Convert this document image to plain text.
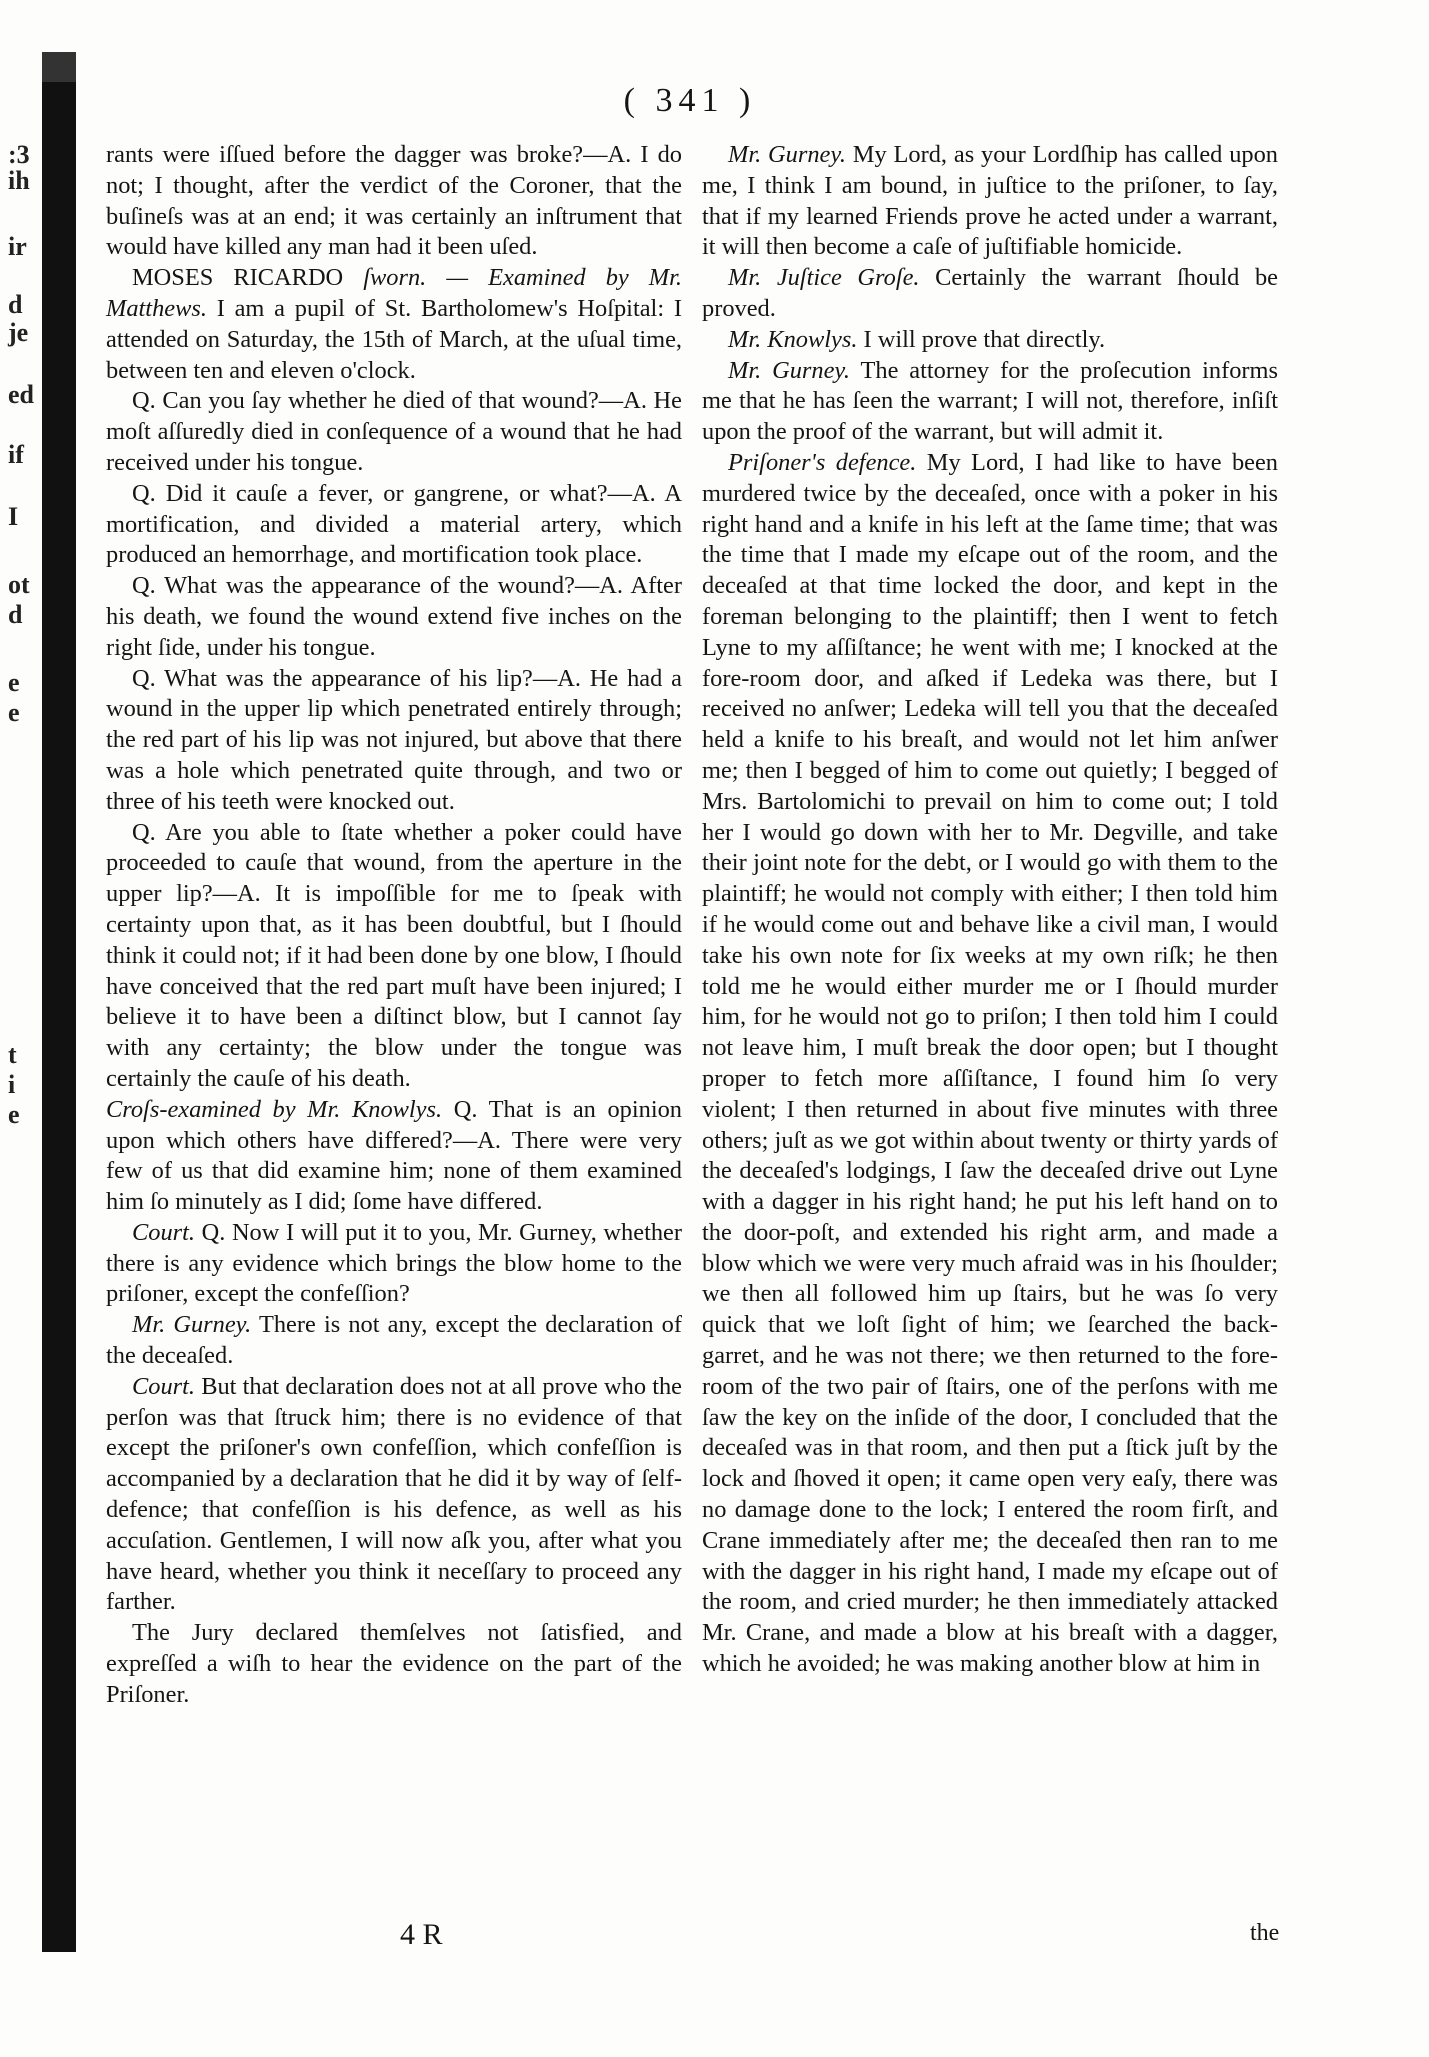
:3
ih
ir
d
je
ed
if
I
ot
d
e
e
t
i
e
( 341 )

rants were iſſued before the dagger was broke?—A. I do not; I thought, after the verdict of the Coroner, that the buſineſs was at an end; it was certainly an inſtrument that would have killed any man had it been uſed.

MOSES RICARDO ſworn. — Examined by Mr. Matthews. I am a pupil of St. Bartholomew's Hoſpital: I attended on Saturday, the 15th of March, at the uſual time, between ten and eleven o'clock.

Q. Can you ſay whether he died of that wound?—A. He moſt aſſuredly died in conſequence of a wound that he had received under his tongue.

Q. Did it cauſe a fever, or gangrene, or what?—A. A mortification, and divided a material artery, which produced an hemorrhage, and mortification took place.

Q. What was the appearance of the wound?—A. After his death, we found the wound extend five inches on the right ſide, under his tongue.

Q. What was the appearance of his lip?—A. He had a wound in the upper lip which penetrated entirely through; the red part of his lip was not injured, but above that there was a hole which penetrated quite through, and two or three of his teeth were knocked out.

Q. Are you able to ſtate whether a poker could have proceeded to cauſe that wound, from the aperture in the upper lip?—A. It is impoſſible for me to ſpeak with certainty upon that, as it has been doubtful, but I ſhould think it could not; if it had been done by one blow, I ſhould have conceived that the red part muſt have been injured; I believe it to have been a diſtinct blow, but I cannot ſay with any certainty; the blow under the tongue was certainly the cauſe of his death.

Croſs-examined by Mr. Knowlys. Q. That is an opinion upon which others have differed?—A. There were very few of us that did examine him; none of them examined him ſo minutely as I did; ſome have differed.

Court. Q. Now I will put it to you, Mr. Gurney, whether there is any evidence which brings the blow home to the priſoner, except the confeſſion?

Mr. Gurney. There is not any, except the declaration of the deceaſed.

Court. But that declaration does not at all prove who the perſon was that ſtruck him; there is no evidence of that except the priſoner's own confeſſion, which confeſſion is accompanied by a declaration that he did it by way of ſelf-defence; that confeſſion is his defence, as well as his accuſation. Gentlemen, I will now aſk you, after what you have heard, whether you think it neceſſary to proceed any farther.

The Jury declared themſelves not ſatisfied, and expreſſed a wiſh to hear the evidence on the part of the Priſoner.

Mr. Gurney. My Lord, as your Lordſhip has called upon me, I think I am bound, in juſtice to the priſoner, to ſay, that if my learned Friends prove he acted under a warrant, it will then become a caſe of juſtifiable homicide.

Mr. Juſtice Groſe. Certainly the warrant ſhould be proved.

Mr. Knowlys. I will prove that directly.

Mr. Gurney. The attorney for the proſecution informs me that he has ſeen the warrant; I will not, therefore, inſiſt upon the proof of the warrant, but will admit it.

Priſoner's defence. My Lord, I had like to have been murdered twice by the deceaſed, once with a poker in his right hand and a knife in his left at the ſame time; that was the time that I made my eſcape out of the room, and the deceaſed at that time locked the door, and kept in the foreman belonging to the plaintiff; then I went to fetch Lyne to my aſſiſtance; he went with me; I knocked at the fore-room door, and aſked if Ledeka was there, but I received no anſwer; Ledeka will tell you that the deceaſed held a knife to his breaſt, and would not let him anſwer me; then I begged of him to come out quietly; I begged of Mrs. Bartolomichi to prevail on him to come out; I told her I would go down with her to Mr. Degville, and take their joint note for the debt, or I would go with them to the plaintiff; he would not comply with either; I then told him if he would come out and behave like a civil man, I would take his own note for ſix weeks at my own riſk; he then told me he would either murder me or I ſhould murder him, for he would not go to priſon; I then told him I could not leave him, I muſt break the door open; but I thought proper to fetch more aſſiſtance, I found him ſo very violent; I then returned in about five minutes with three others; juſt as we got within about twenty or thirty yards of the deceaſed's lodgings, I ſaw the deceaſed drive out Lyne with a dagger in his right hand; he put his left hand on to the door-poſt, and extended his right arm, and made a blow which we were very much afraid was in his ſhoulder; we then all followed him up ſtairs, but he was ſo very quick that we loſt ſight of him; we ſearched the back-garret, and he was not there; we then returned to the fore-room of the two pair of ſtairs, one of the perſons with me ſaw the key on the inſide of the door, I concluded that the deceaſed was in that room, and then put a ſtick juſt by the lock and ſhoved it open; it came open very eaſy, there was no damage done to the lock; I entered the room firſt, and Crane immediately after me; the deceaſed then ran to me with the dagger in his right hand, I made my eſcape out of the room, and cried murder; he then immediately attacked Mr. Crane, and made a blow at his breaſt with a dagger, which he avoided; he was making another blow at him in

4 R	the
